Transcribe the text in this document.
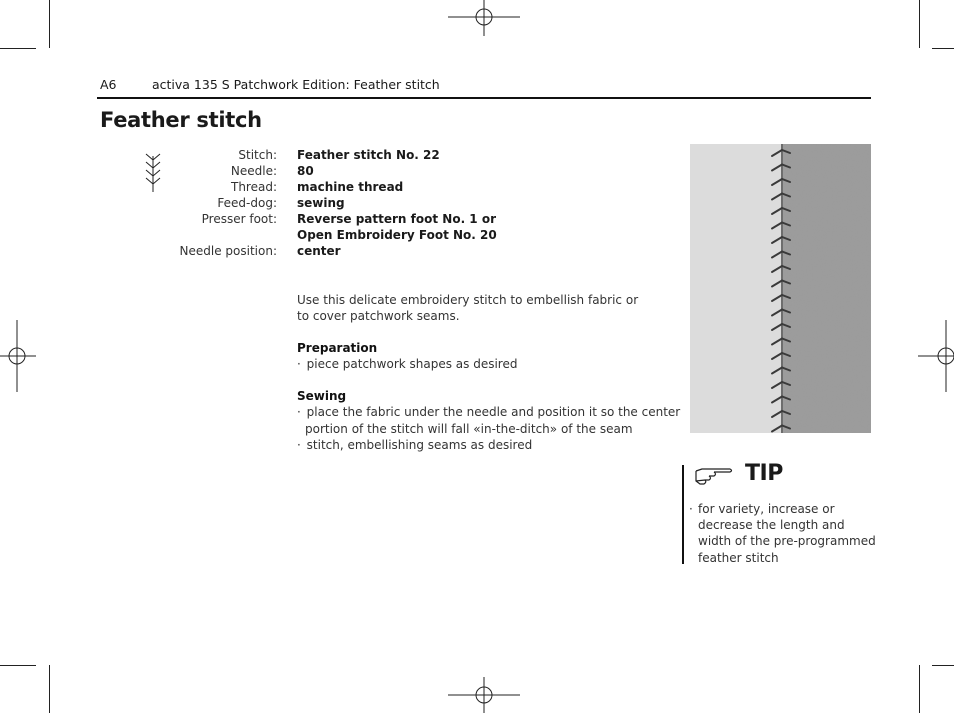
A6	activa 135 S Patchwork Edition: Feather stitch
Feather stitch
Stitch: Feather stitch No. 22
Needle: 80
Thread: machine thread
Feed-dog: sewing
Presser foot: Reverse pattern foot No. 1 or
Open Embroidery Foot No. 20
Needle position: center
Use this delicate embroidery stitch to embellish fabric or
to cover patchwork seams.
Preparation
· piece patchwork shapes as desired
Sewing
· place the fabric under the needle and position it so the center
portion of the stitch will fall «in-the-ditch» of the seam
· stitch, embellishing seams as desired
TIP
· for variety, increase or
decrease the length and
width of the pre-programmed
feather stitch
